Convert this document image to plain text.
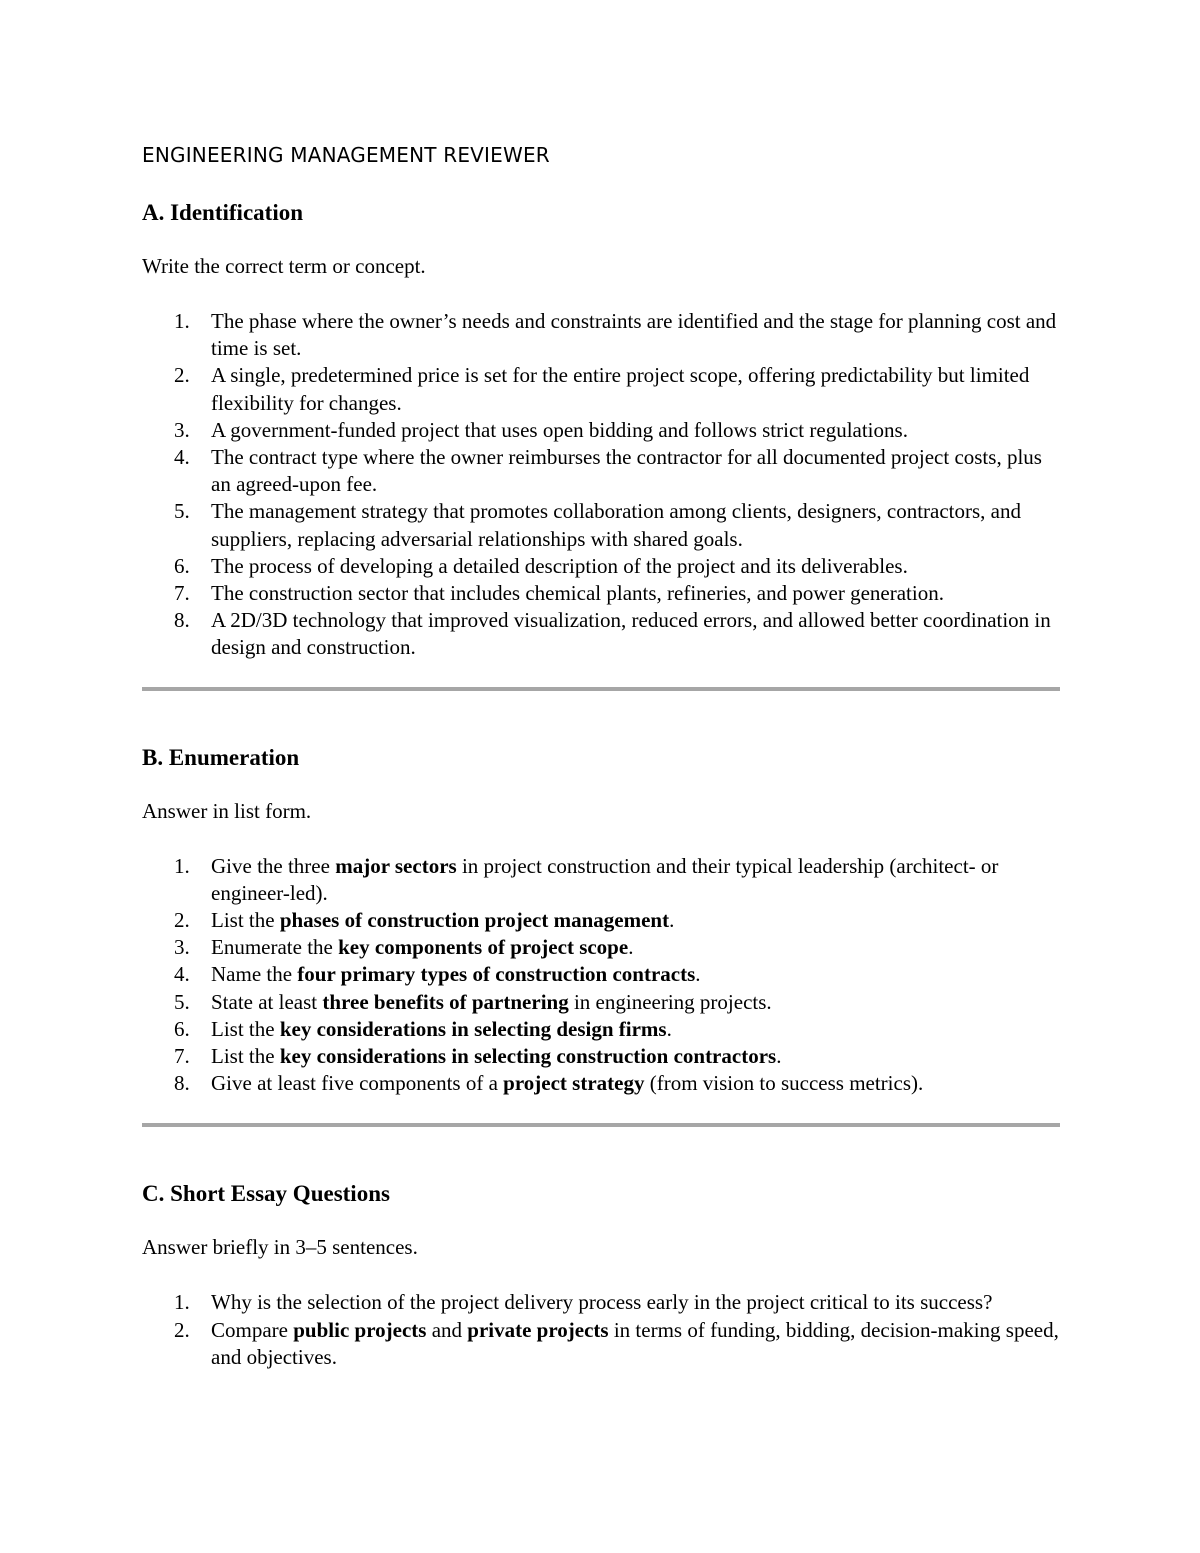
ENGINEERING MANAGEMENT REVIEWER
A. Identification

Write the correct term or concept.

1. The phase where the owner’s needs and constraints are identified and the stage for planning cost and time is set.
2. A single, predetermined price is set for the entire project scope, offering predictability but limited flexibility for changes.
3. A government-funded project that uses open bidding and follows strict regulations.
4. The contract type where the owner reimburses the contractor for all documented project costs, plus an agreed-upon fee.
5. The management strategy that promotes collaboration among clients, designers, contractors, and suppliers, replacing adversarial relationships with shared goals.
6. The process of developing a detailed description of the project and its deliverables.
7. The construction sector that includes chemical plants, refineries, and power generation.
8. A 2D/3D technology that improved visualization, reduced errors, and allowed better coordination in design and construction.
B. Enumeration

Answer in list form.

1. Give the three major sectors in project construction and their typical leadership (architect- or engineer-led).
2. List the phases of construction project management.
3. Enumerate the key components of project scope.
4. Name the four primary types of construction contracts.
5. State at least three benefits of partnering in engineering projects.
6. List the key considerations in selecting design firms.
7. List the key considerations in selecting construction contractors.
8. Give at least five components of a project strategy (from vision to success metrics).
C. Short Essay Questions

Answer briefly in 3–5 sentences.

1. Why is the selection of the project delivery process early in the project critical to its success?
2. Compare public projects and private projects in terms of funding, bidding, decision-making speed, and objectives.
